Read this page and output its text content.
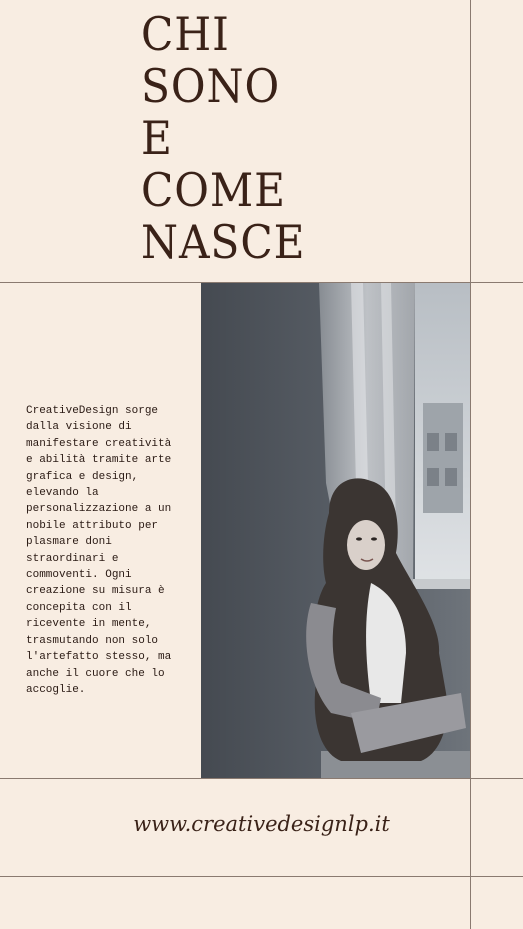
CHI
SONO
E
COME
NASCE

CreativeDesign sorge dalla visione di manifestare creatività e abilità tramite arte grafica e design, elevando la personalizzazione a un nobile attributo per plasmare doni straordinari e commoventi. Ogni creazione su misura è concepita con il ricevente in mente, trasmutando non solo l'artefatto stesso, ma anche il cuore che lo accoglie.

www.creativedesignlp.it
